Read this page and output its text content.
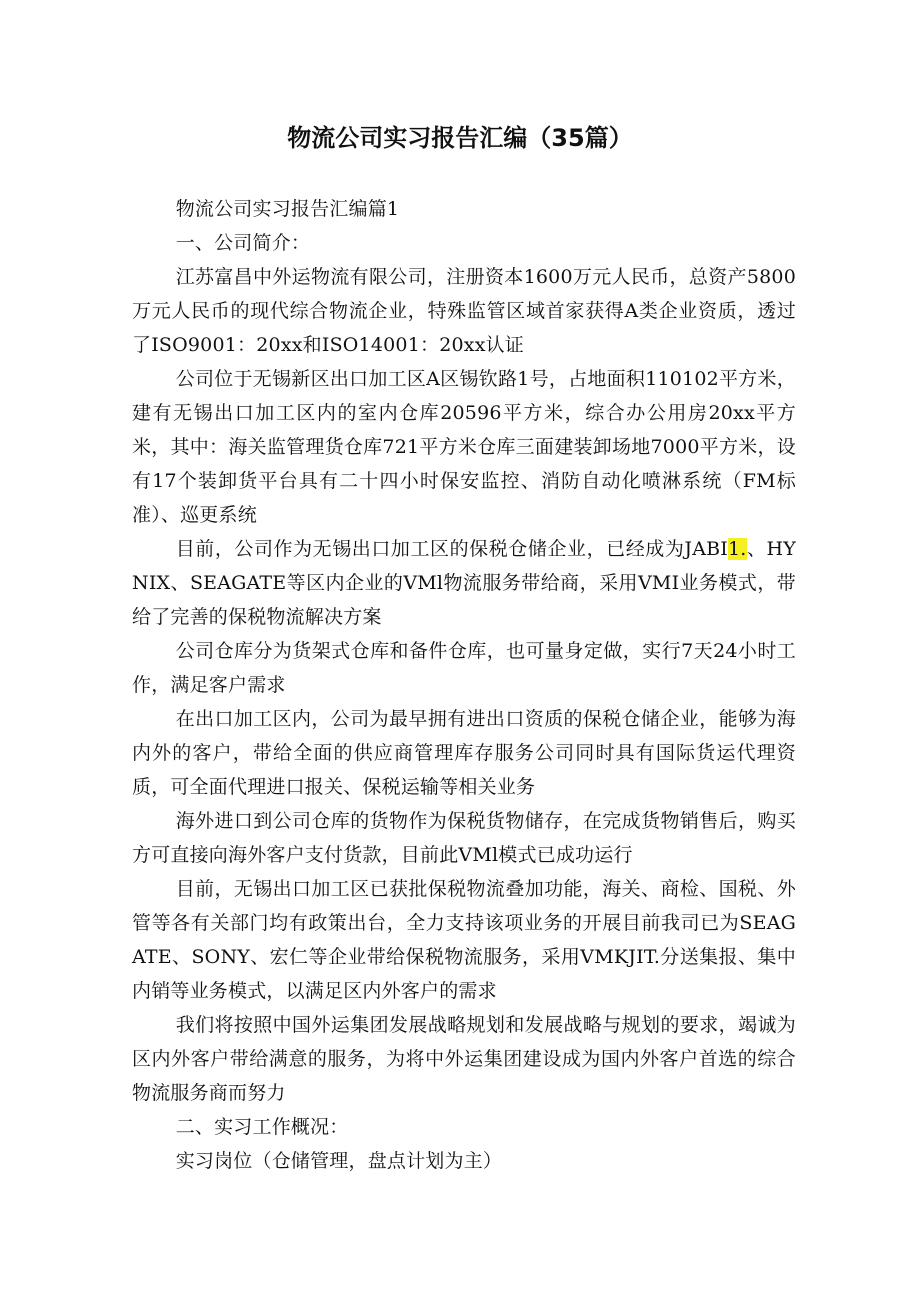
物流公司实习报告汇编（35篇）

物流公司实习报告汇编篇1

一、公司简介：

江苏富昌中外运物流有限公司，注册资本1600万元人民币，总资产5800万元人民币的现代综合物流企业，特殊监管区域首家获得A类企业资质，透过了ISO9001：20xx和ISO14001：20xx认证

公司位于无锡新区出口加工区A区锡钦路1号，占地面积110102平方米，建有无锡出口加工区内的室内仓库20596平方米，综合办公用房20xx平方米，其中：海关监管理货仓库721平方米仓库三面建装卸场地7000平方米，设有17个装卸货平台具有二十四小时保安监控、消防自动化喷淋系统（FM标准）、巡更系统

目前，公司作为无锡出口加工区的保税仓储企业，已经成为JABI1.、HYNIX、SEAGATE等区内企业的VMl物流服务带给商，采用VMI业务模式，带给了完善的保税物流解决方案

公司仓库分为货架式仓库和备件仓库，也可量身定做，实行7天24小时工作，满足客户需求

在出口加工区内，公司为最早拥有进出口资质的保税仓储企业，能够为海内外的客户，带给全面的供应商管理库存服务公司同时具有国际货运代理资质，可全面代理进口报关、保税运输等相关业务

海外进口到公司仓库的货物作为保税货物储存，在完成货物销售后，购买方可直接向海外客户支付货款，目前此VMl模式已成功运行

目前，无锡出口加工区已获批保税物流叠加功能，海关、商检、国税、外管等各有关部门均有政策出台，全力支持该项业务的开展目前我司已为SEAGATE、SONY、宏仁等企业带给保税物流服务，采用VMKJIT.分送集报、集中内销等业务模式，以满足区内外客户的需求

我们将按照中国外运集团发展战略规划和发展战略与规划的要求，竭诚为区内外客户带给满意的服务，为将中外运集团建设成为国内外客户首选的综合物流服务商而努力

二、实习工作概况：

实习岗位（仓储管理，盘点计划为主）
